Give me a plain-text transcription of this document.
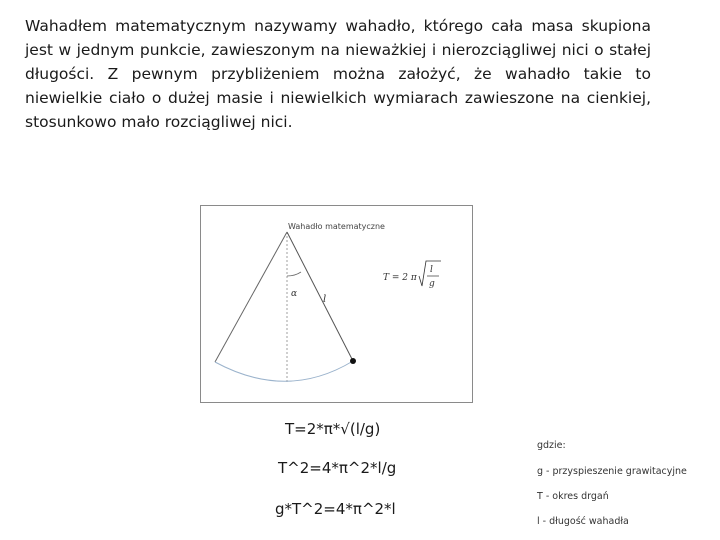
Wahadłem matematycznym nazywamy wahadło, którego cała masa skupiona jest w jednym punkcie, zawieszonym na nieważkiej i nierozciągliwej nici o stałej długości. Z pewnym przybliżeniem można założyć, że wahadło takie to niewielkie ciało o dużej masie i niewielkich wymiarach zawieszone na cienkiej, stosunkowo mało rozciągliwej nici.
α	l
T = 2 π
l
g
Wahadło matematyczne
T=2*π*√(l/g)
T^2=4*π^2*l/g
g*T^2=4*π^2*l
gdzie:
g - przyspieszenie grawitacyjne
T - okres drgań
l - długość wahadła
